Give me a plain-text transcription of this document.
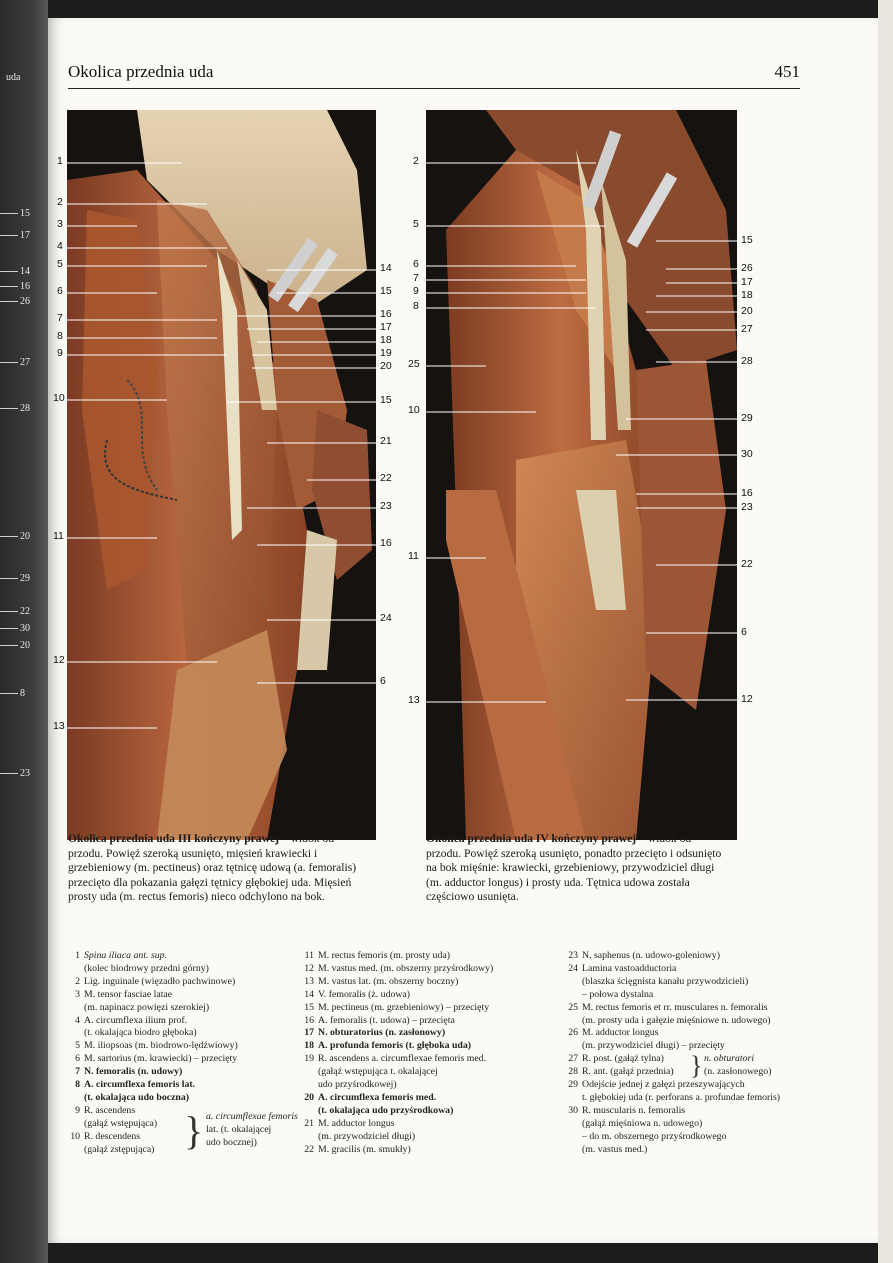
uda
15
17
14
16
26
27
28
20
29
22
30
20
8
23
Okolica przednia uda	451
1
2
3
4
5
6
7
8
9
10
11
12
13
14
15
16
17
18
19
20
15
21
22
23
16
24
6
2
5
6
7
9
8
25
10
11
13
15
26
17
18
20
27
28
29
30
16
23
22
6
12
Okolica przednia uda III kończyny prawej – widok od przodu. Powięź szeroką usunięto, mięsień krawiecki i grzebieniowy (m. pectineus) oraz tętnicę udową (a. femoralis) przecięto dla pokazania gałęzi tętnicy głębokiej uda. Mięsień prosty uda (m. rectus femoris) nieco odchylono na bok.
Okolica przednia uda IV kończyny prawej – widok od przodu. Powięź szeroką usunięto, ponadto przecięto i odsunięto na bok mięśnie: krawiecki, grzebieniowy, przywodziciel długi (m. adductor longus) i prosty uda. Tętnica udowa została częściowo usunięta.
1 Spina iliaca ant. sup.
(kolec biodrowy przedni górny)
2 Lig. inguinale (więzadło pachwinowe)
3 M. tensor fasciae latae
(m. napinacz powięzi szerokiej)
4 A. circumflexa ilium prof.
(t. okalająca biodro głęboka)
5 M. iliopsoas (m. biodrowo-lędźwiowy)
6 M. sartorius (m. krawiecki) – przecięty
7 N. femoralis (n. udowy)
8 A. circumflexa femoris lat.
(t. okalająca udo boczna)
9 R. ascendens
(gałąź wstępująca)
10 R. descendens
(gałąź zstępująca) } a. circumflexae femoris
lat. (t. okalającej
udo bocznej)
11 M. rectus femoris (m. prosty uda)
12 M. vastus med. (m. obszerny przyśrodkowy)
13 M. vastus lat. (m. obszerny boczny)
14 V. femoralis (ż. udowa)
15 M. pectineus (m. grzebieniowy) – przecięty
16 A. femoralis (t. udowa) – przecięta
17 N. obturatorius (n. zasłonowy)
18 A. profunda femoris (t. głęboka uda)
19 R. ascendens a. circumflexae femoris med.
(gałąź wstępująca t. okalającej
udo przyśrodkowej)
20 A. circumflexa femoris med.
(t. okalająca udo przyśrodkowa)
21 M. adductor longus
(m. przywodziciel długi)
22 M. gracilis (m. smukły)
23 N. saphenus (n. udowo-goleniowy)
24 Lamina vastoadductoria
(blaszka ścięgnista kanału przywodzicieli)
– połowa dystalna
25 M. rectus femoris et rr. musculares n. femoralis
(m. prosty uda i gałęzie mięśniowe n. udowego)
26 M. adductor longus
(m. przywodziciel długi) – przecięty
27 R. post. (gałąź tylna)
28 R. ant. (gałąź przednia) } n. obturatori
(n. zasłonowego)
29 Odejście jednej z gałęzi przeszywających
t. głębokiej uda (r. perforans a. profundae femoris)
30 R. muscularis n. femoralis
(gałąź mięśniowa n. udowego)
– do m. obszernego przyśrodkowego
(m. vastus med.)
